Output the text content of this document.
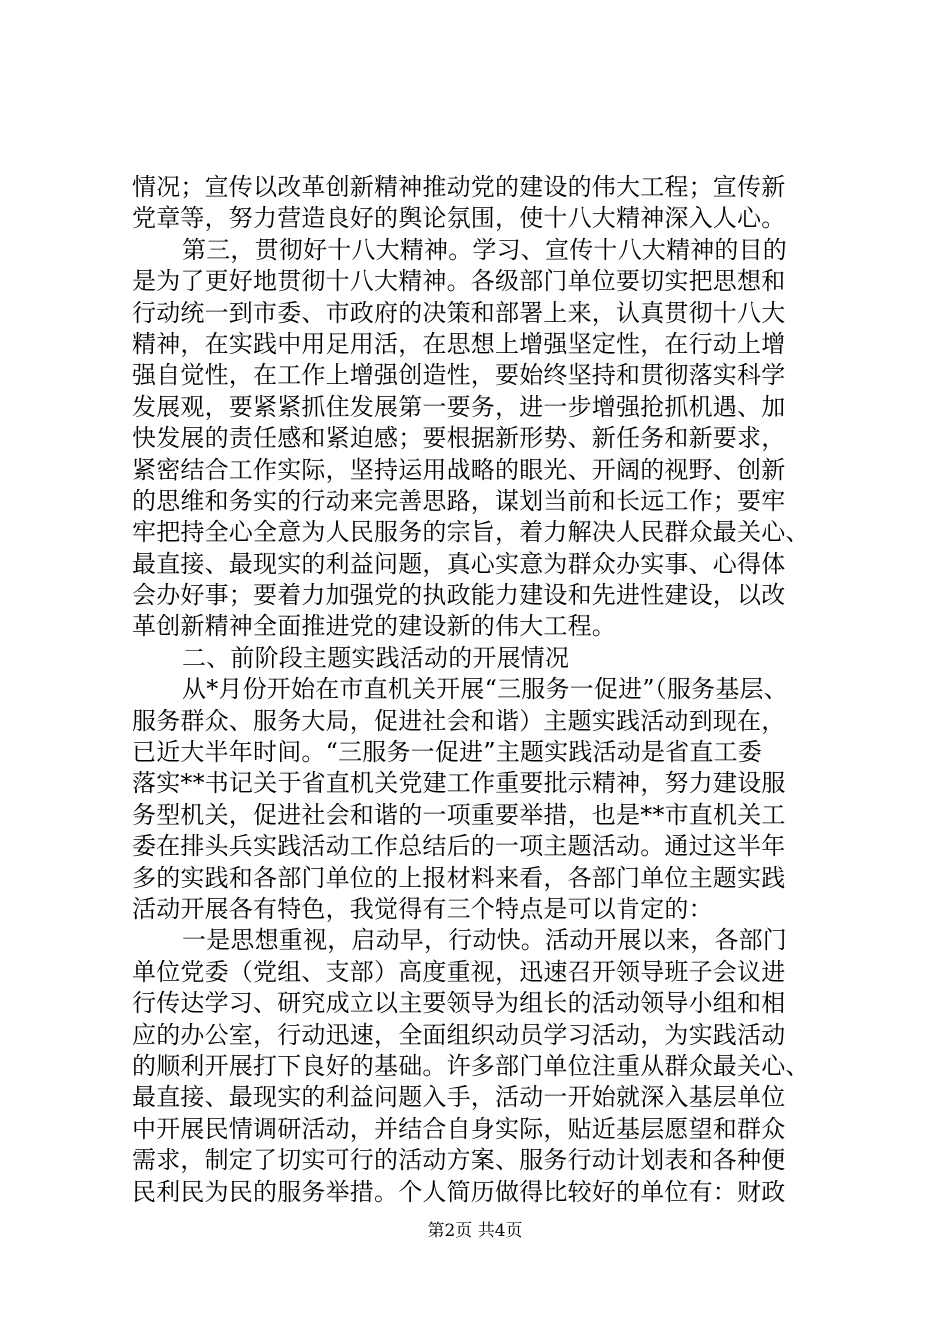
情况；宣传以改革创新精神推动党的建设的伟大工程；宣传新
党章等，努力营造良好的舆论氛围，使十八大精神深入人心。
第三，贯彻好十八大精神。学习、宣传十八大精神的目的
是为了更好地贯彻十八大精神。各级部门单位要切实把思想和
行动统一到市委、市政府的决策和部署上来，认真贯彻十八大
精神，在实践中用足用活，在思想上增强坚定性，在行动上增
强自觉性，在工作上增强创造性，要始终坚持和贯彻落实科学
发展观，要紧紧抓住发展第一要务，进一步增强抢抓机遇、加
快发展的责任感和紧迫感；要根据新形势、新任务和新要求，
紧密结合工作实际，坚持运用战略的眼光、开阔的视野、创新
的思维和务实的行动来完善思路，谋划当前和长远工作；要牢
牢把持全心全意为人民服务的宗旨，着力解决人民群众最关心、
最直接、最现实的利益问题，真心实意为群众办实事、心得体
会办好事；要着力加强党的执政能力建设和先进性建设，以改
革创新精神全面推进党的建设新的伟大工程。
二、前阶段主题实践活动的开展情况
从*月份开始在市直机关开展“三服务一促进”（服务基层、
服务群众、服务大局，促进社会和谐）主题实践活动到现在，
已近大半年时间。“三服务一促进”主题实践活动是省直工委
落实**书记关于省直机关党建工作重要批示精神，努力建设服
务型机关，促进社会和谐的一项重要举措，也是**市直机关工
委在排头兵实践活动工作总结后的一项主题活动。通过这半年
多的实践和各部门单位的上报材料来看，各部门单位主题实践
活动开展各有特色，我觉得有三个特点是可以肯定的：
一是思想重视，启动早，行动快。活动开展以来，各部门
单位党委（党组、支部）高度重视，迅速召开领导班子会议进
行传达学习、研究成立以主要领导为组长的活动领导小组和相
应的办公室，行动迅速，全面组织动员学习活动，为实践活动
的顺利开展打下良好的基础。许多部门单位注重从群众最关心、
最直接、最现实的利益问题入手，活动一开始就深入基层单位
中开展民情调研活动，并结合自身实际，贴近基层愿望和群众
需求，制定了切实可行的活动方案、服务行动计划表和各种便
民利民为民的服务举措。个人简历做得比较好的单位有：财政
第2页 共4页
